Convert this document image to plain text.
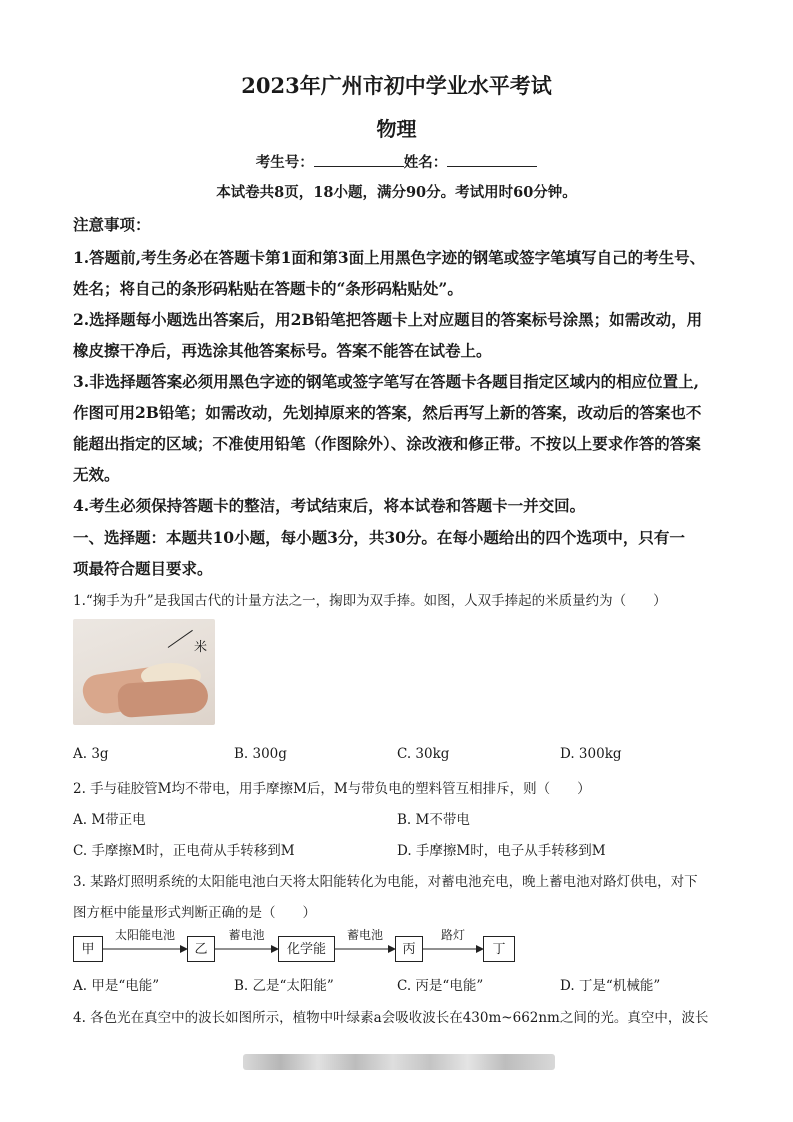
2023年广州市初中学业水平考试
物理
考生号：	姓名：
本试卷共8页，18小题，满分90分。考试用时60分钟。
注意事项：
1.答题前,考生务必在答题卡第1面和第3面上用黑色字迹的钢笔或签字笔填写自己的考生号、
姓名；将自己的条形码粘贴在答题卡的“条形码粘贴处”。
2.选择题每小题选出答案后，用2B铅笔把答题卡上对应题目的答案标号涂黑；如需改动，用
橡皮擦干净后，再选涂其他答案标号。答案不能答在试卷上。
3.非选择题答案必须用黑色字迹的钢笔或签字笔写在答题卡各题目指定区域内的相应位置上,
作图可用2B铅笔；如需改动，先划掉原来的答案，然后再写上新的答案，改动后的答案也不
能超出指定的区域；不准使用铅笔（作图除外）、涂改液和修正带。不按以上要求作答的答案
无效。
4.考生必须保持答题卡的整洁，考试结束后，将本试卷和答题卡一并交回。
一、选择题：本题共10小题，每小题3分，共30分。在每小题给出的四个选项中，只有一
项最符合题目要求。
1.“掬手为升”是我国古代的计量方法之一，掬即为双手捧。如图，人双手捧起的米质量约为（　　）
米
A. 3g	B. 300g	C. 30kg	D. 300kg
2. 手与硅胶管M均不带电，用手摩擦M后，M与带负电的塑料管互相排斥，则（　　）
A. M带正电	B. M不带电
C. 手摩擦M时，正电荷从手转移到M	D. 手摩擦M时，电子从手转移到M
3. 某路灯照明系统的太阳能电池白天将太阳能转化为电能，对蓄电池充电，晚上蓄电池对路灯供电，对下
图方框中能量形式判断正确的是（　　）
甲	乙	化学能	丙	丁
太阳能电池	蓄电池	蓄电池	路灯
A. 甲是“电能”	B. 乙是“太阳能”	C. 丙是“电能”	D. 丁是“机械能”
4. 各色光在真空中的波长如图所示，植物中叶绿素a会吸收波长在430m~662nm之间的光。真空中，波长
